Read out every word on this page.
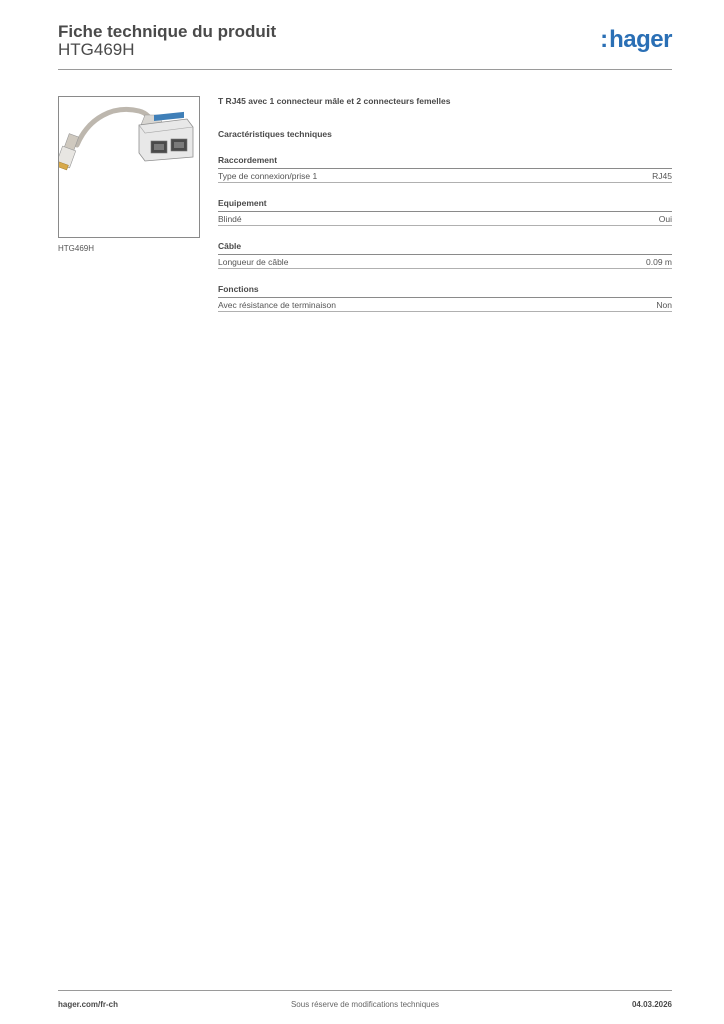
Fiche technique du produit
HTG469H	:hager
HTG469H
T RJ45 avec 1 connecteur mâle et 2 connecteurs femelles
Caractéristiques techniques
Raccordement
Type de connexion/prise 1	RJ45
Equipement
Blindé	Oui
Câble
Longueur de câble	0.09 m
Fonctions
Avec résistance de terminaison	Non
hager.com/fr-ch	Sous réserve de modifications techniques	04.03.2026
